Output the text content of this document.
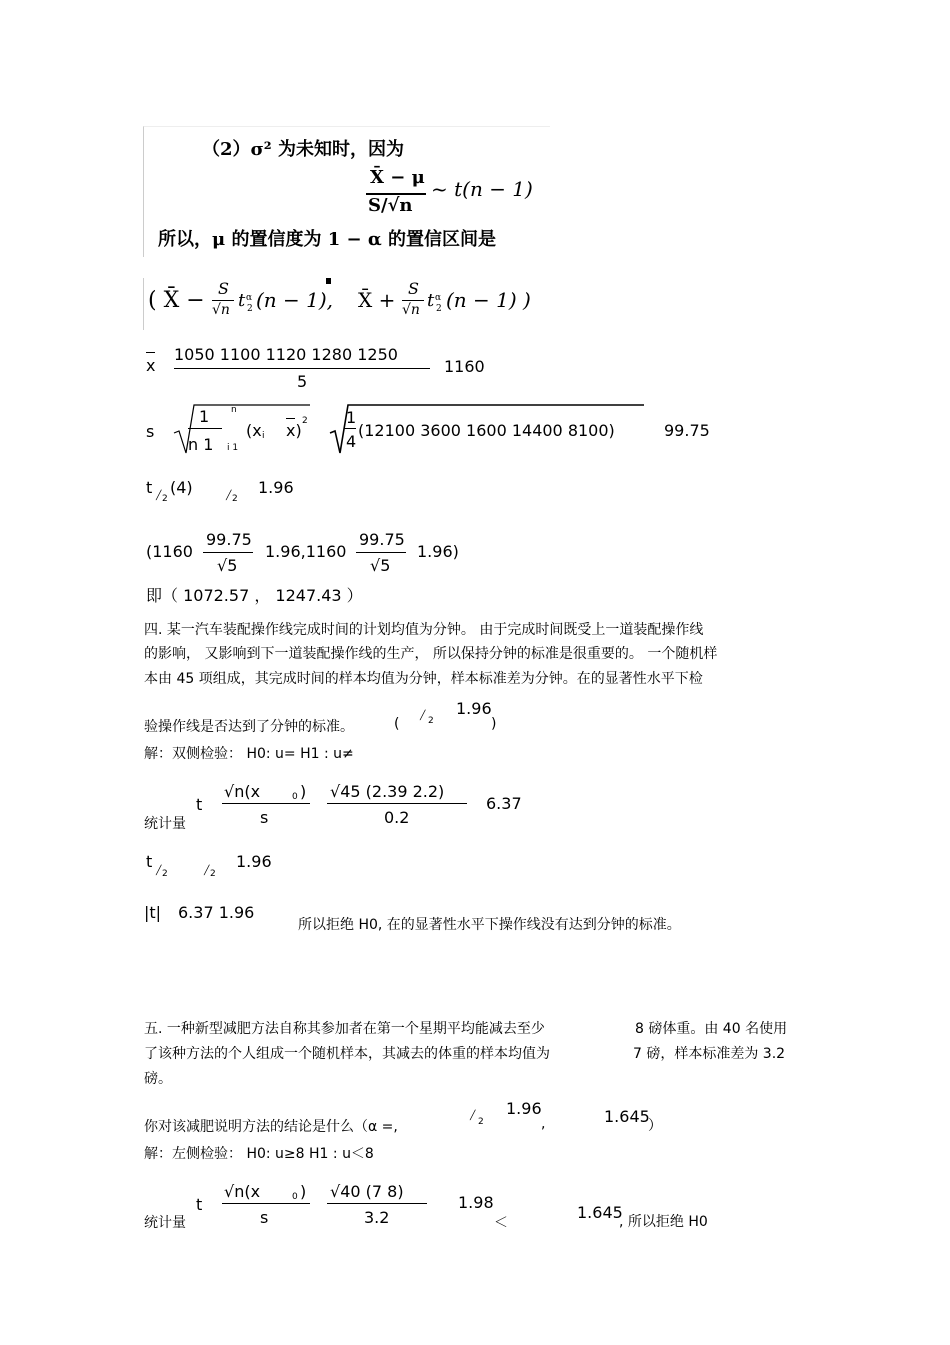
（2）σ² 为未知时，因为
X̄ − μ
S/√n
~ t(n − 1)
所以，μ 的置信度为 1 − α 的置信区间是
( X̄ − S
√n t α
2 (n − 1), X̄ + S
√n t α
2 (n − 1) )
x
1050 1100 1120 1280 1250
5
1160
s
1 n
n 1 i 1
(x i x) 2 1
4
(12100 3600 1600 14400 8100)	99.75
t ╱ 2
(4)	╱ 2
1.96
(1160
99.75
√5
1.96,1160
99.75
√5
1.96)
即（ 1072.57 ， 1247.43 ）
四. 某一汽车装配操作线完成时间的计划均值为分钟。 由于完成时间既受上一道装配操作线
的影响， 又影响到下一道装配操作线的生产， 所以保持分钟的标准是很重要的。 一个随机样
本由 45 项组成，其完成时间的样本均值为分钟，样本标准差为分钟。在的显著性水平下检
验操作线是否达到了分钟的标准。	( ╱ 2
1.96
)
解：双侧检验： H0: u= H1 : u≠
统计量
t
√n(x	0 )
s
√45 (2.39 2.2)
0.2
6.37
t ╱ 2	╱ 2
1.96
|t| 6.37 1.96
所以拒绝 H0, 在的显著性水平下操作线没有达到分钟的标准。
五. 一种新型减肥方法自称其参加者在第一个星期平均能减去至少	8 磅体重。由 40 名使用
了该种方法的个人组成一个随机样本，其减去的体重的样本均值为	7 磅，样本标准差为 3.2
磅。
你对该减肥说明方法的结论是什么（α =,
╱
2
1.96
,	1.645
）
解：左侧检验： H0: u≥8 H1 : u＜8
统计量
t
√n(x	0 )
s
√40 (7 8)
3.2
1.98
＜
1.645
, 所以拒绝 H0
